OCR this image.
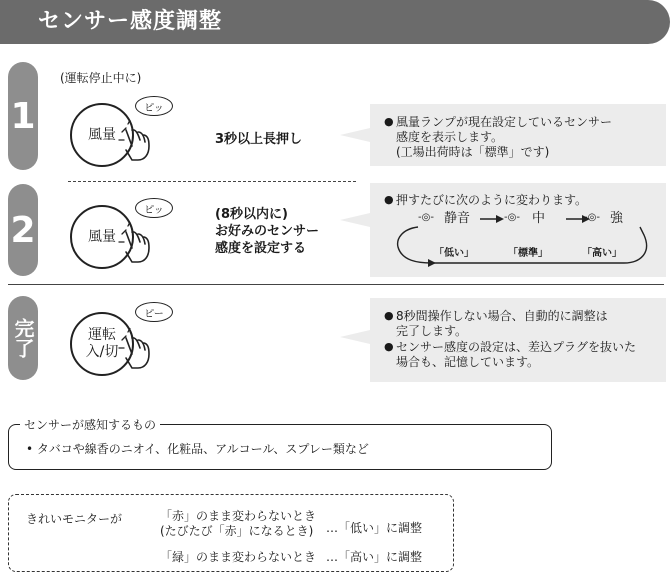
センサー感度調整
1
2
完了
(運転停止中に)
風量
ピッ
3秒以上長押し
● 風量ランプが現在設定しているセンサー
感度を表示します。
(工場出荷時は「標準」です)
風量
ピッ	(8秒以内に)
お好みのセンサー
感度を設定する
● 押すたびに次のように変わります。
-◎- 静音	-◎- 中	-◎- 強
「低い」	「標準」	「高い」
運転
入/切
ピー	● 8秒間操作しない場合、自動的に調整は
完了します。
● センサー感度の設定は、差込プラグを抜いた
場合も、記憶しています。
センサーが感知するもの
• タバコや線香のニオイ、化粧品、アルコール、スプレー類など
きれいモニターが	「赤」のまま変わらないとき
(たびたび「赤」になるとき) …「低い」に調整
「緑」のまま変わらないとき …「高い」に調整
